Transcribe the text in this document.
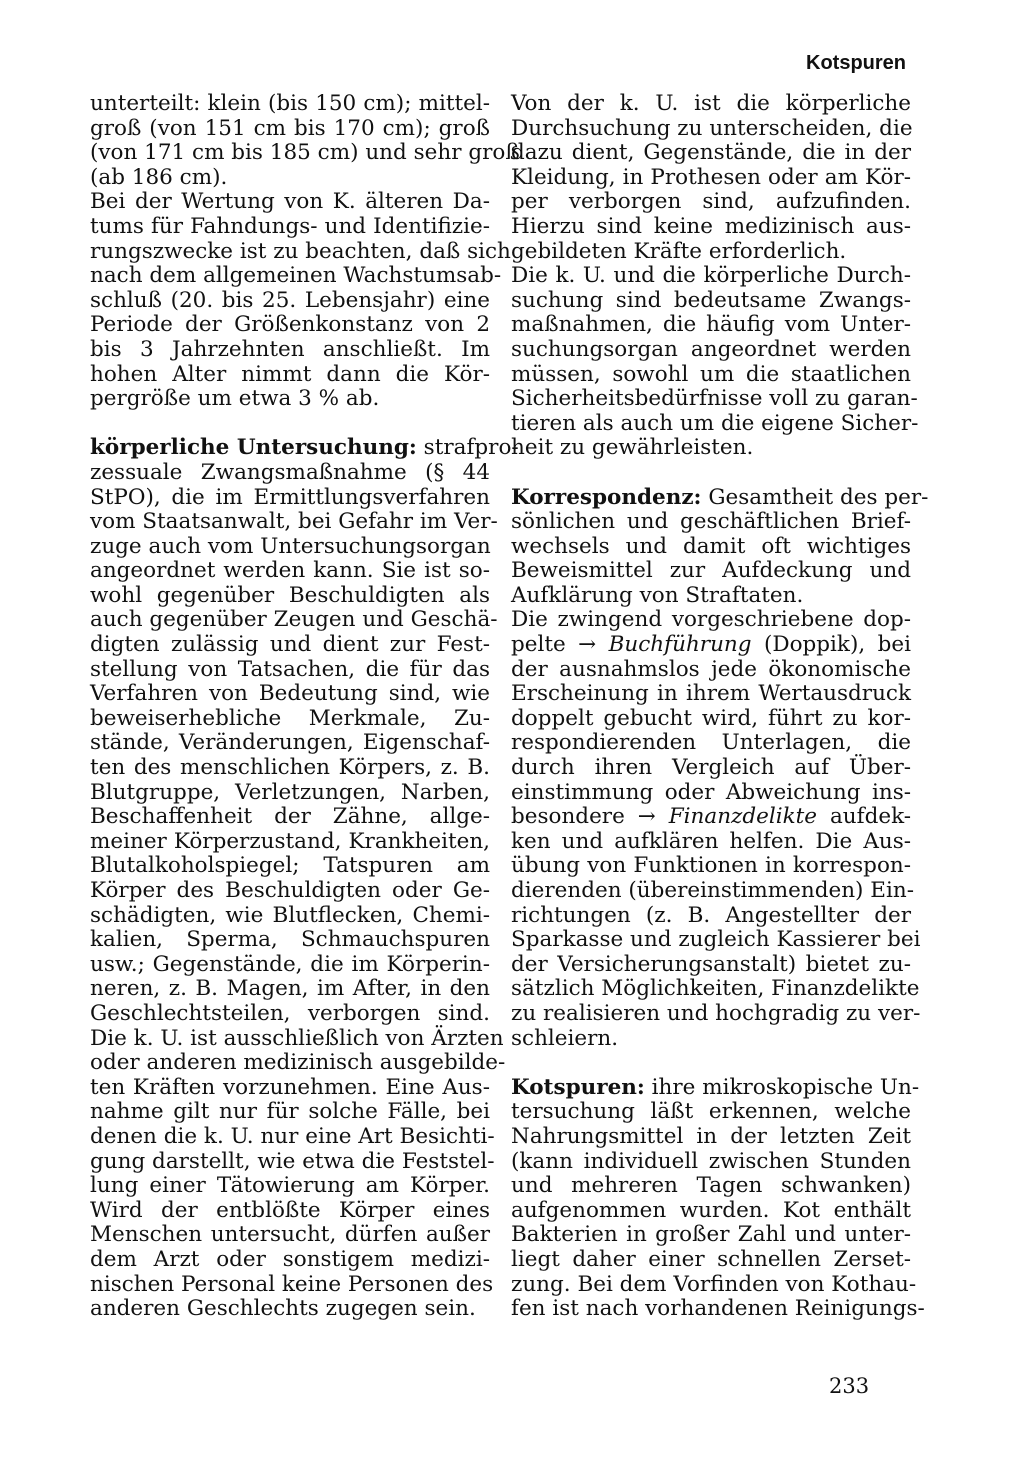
Kotspuren
unterteilt: klein (bis 150 cm); mittel-
groß (von 151 cm bis 170 cm); groß
(von 171 cm bis 185 cm) und sehr groß
(ab 186 cm).
Bei der Wertung von K. älteren Da-
tums für Fahndungs- und Identifizie-
rungszwecke ist zu beachten, daß sich
nach dem allgemeinen Wachstumsab-
schluß (20. bis 25. Lebensjahr) eine
Periode der Größenkonstanz von 2
bis 3 Jahrzehnten anschließt. Im
hohen Alter nimmt dann die Kör-
pergröße um etwa 3 % ab.
körperliche Untersuchung: strafpro-
zessuale Zwangsmaßnahme (§ 44
StPO), die im Ermittlungsverfahren
vom Staatsanwalt, bei Gefahr im Ver-
zuge auch vom Untersuchungsorgan
angeordnet werden kann. Sie ist so-
wohl gegenüber Beschuldigten als
auch gegenüber Zeugen und Geschä-
digten zulässig und dient zur Fest-
stellung von Tatsachen, die für das
Verfahren von Bedeutung sind, wie
beweiserhebliche Merkmale, Zu-
stände, Veränderungen, Eigenschaf-
ten des menschlichen Körpers, z. B.
Blutgruppe, Verletzungen, Narben,
Beschaffenheit der Zähne, allge-
meiner Körperzustand, Krankheiten,
Blutalkoholspiegel; Tatspuren am
Körper des Beschuldigten oder Ge-
schädigten, wie Blutflecken, Chemi-
kalien, Sperma, Schmauchspuren
usw.; Gegenstände, die im Körperin-
neren, z. B. Magen, im After, in den
Geschlechtsteilen, verborgen sind.
Die k. U. ist ausschließlich von Ärzten
oder anderen medizinisch ausgebilde-
ten Kräften vorzunehmen. Eine Aus-
nahme gilt nur für solche Fälle, bei
denen die k. U. nur eine Art Besichti-
gung darstellt, wie etwa die Feststel-
lung einer Tätowierung am Körper.
Wird der entblößte Körper eines
Menschen untersucht, dürfen außer
dem Arzt oder sonstigem medizi-
nischen Personal keine Personen des
anderen Geschlechts zugegen sein.
Von der k. U. ist die körperliche
Durchsuchung zu unterscheiden, die
dazu dient, Gegenstände, die in der
Kleidung, in Prothesen oder am Kör-
per verborgen sind, aufzufinden.
Hierzu sind keine medizinisch aus-
gebildeten Kräfte erforderlich.
Die k. U. und die körperliche Durch-
suchung sind bedeutsame Zwangs-
maßnahmen, die häufig vom Unter-
suchungsorgan angeordnet werden
müssen, sowohl um die staatlichen
Sicherheitsbedürfnisse voll zu garan-
tieren als auch um die eigene Sicher-
heit zu gewährleisten.
Korrespondenz: Gesamtheit des per-
sönlichen und geschäftlichen Brief-
wechsels und damit oft wichtiges
Beweismittel zur Aufdeckung und
Aufklärung von Straftaten.
Die zwingend vorgeschriebene dop-
pelte → Buchführung (Doppik), bei
der ausnahmslos jede ökonomische
Erscheinung in ihrem Wertausdruck
doppelt gebucht wird, führt zu kor-
respondierenden Unterlagen, die
durch ihren Vergleich auf Über-
einstimmung oder Abweichung ins-
besondere → Finanzdelikte aufdek-
ken und aufklären helfen. Die Aus-
übung von Funktionen in korrespon-
dierenden (übereinstimmenden) Ein-
richtungen (z. B. Angestellter der
Sparkasse und zugleich Kassierer bei
der Versicherungsanstalt) bietet zu-
sätzlich Möglichkeiten, Finanzdelikte
zu realisieren und hochgradig zu ver-
schleiern.
Kotspuren: ihre mikroskopische Un-
tersuchung läßt erkennen, welche
Nahrungsmittel in der letzten Zeit
(kann individuell zwischen Stunden
und mehreren Tagen schwanken)
aufgenommen wurden. Kot enthält
Bakterien in großer Zahl und unter-
liegt daher einer schnellen Zerset-
zung. Bei dem Vorfinden von Kothau-
fen ist nach vorhandenen Reinigungs-
233
